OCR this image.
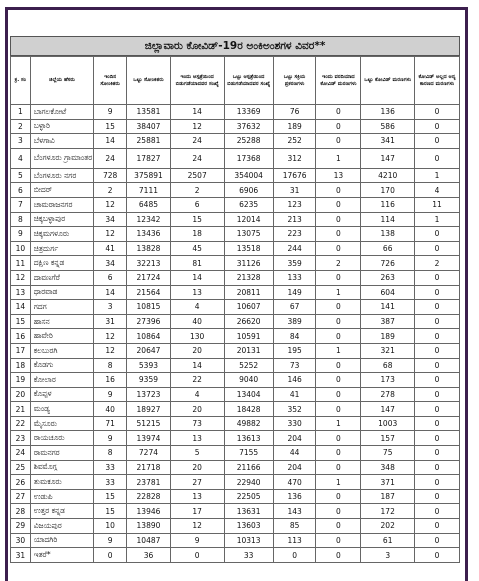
ಜಿಲ್ಲಾವಾರು ಕೋವಿಡ್-19ರ ಅಂಕಿಅಂಶಗಳ ವಿವರ**
ಕ್ರ. ಸಂ	ಜಿಲ್ಲೆಯ ಹೆಸರು	ಇಂದಿನ ಸೋಂಕಿತರು	ಒಟ್ಟು ಸೋಂಕಿತರು	ಇಂದು ಆಸ್ಪತ್ರೆಯಿಂದ ಬಿಡುಗಡೆಯಾದವರ ಸಂಖ್ಯೆ	ಒಟ್ಟು ಆಸ್ಪತ್ರೆಯಿಂದ ಬಿಡುಗಡೆಯಾದವರ ಸಂಖ್ಯೆ	ಒಟ್ಟು ಸಕ್ರಿಯ ಪ್ರಕರಣಗಳು	ಇಂದು ವರದಿಯಾದ ಕೋವಿಡ್ ಮರಣಗಳು	ಒಟ್ಟು ಕೋವಿಡ್ ಮರಣಗಳು	ಕೋವಿಡ್ ಅಲ್ಲದ ಅನ್ಯ ಕಾರಣದ ಮರಣಗಳು
1	ಬಾಗಲಕೋಟೆ	9	13581	14	13369	76	0	136	0
2	ಬಳ್ಳಾರಿ	15	38407	12	37632	189	0	586	0
3	ಬೆಳಗಾವಿ	14	25881	24	25288	252	0	341	0
4	ಬೆಂಗಳೂರು ಗ್ರಾಮಾಂತರ	24	17827	24	17368	312	1	147	0
5	ಬೆಂಗಳೂರು ನಗರ	728	375891	2507	354004	17676	13	4210	1
6	ಬೀದರ್	2	7111	2	6906	31	0	170	4
7	ಚಾಮರಾಜನಗರ	12	6485	6	6235	123	0	116	11
8	ಚಿಕ್ಕಬಳ್ಳಾಪುರ	34	12342	15	12014	213	0	114	1
9	ಚಿಕ್ಕಮಗಳೂರು	12	13436	18	13075	223	0	138	0
10	ಚಿತ್ರದುರ್ಗ	41	13828	45	13518	244	0	66	0
11	ದಕ್ಷಿಣ ಕನ್ನಡ	34	32213	81	31126	359	2	726	2
12	ದಾವಣಗೆರೆ	6	21724	14	21328	133	0	263	0
13	ಧಾರವಾಡ	14	21564	13	20811	149	1	604	0
14	ಗದಗ	3	10815	4	10607	67	0	141	0
15	ಹಾಸನ	31	27396	40	26620	389	0	387	0
16	ಹಾವೇರಿ	12	10864	130	10591	84	0	189	0
17	ಕಲಬುರಗಿ	12	20647	20	20131	195	1	321	0
18	ಕೊಡಗು	8	5393	14	5252	73	0	68	0
19	ಕೋಲಾರ	16	9359	22	9040	146	0	173	0
20	ಕೊಪ್ಪಳ	9	13723	4	13404	41	0	278	0
21	ಮಂಡ್ಯ	40	18927	20	18428	352	0	147	0
22	ಮೈಸೂರು	71	51215	73	49882	330	1	1003	0
23	ರಾಯಚೂರು	9	13974	13	13613	204	0	157	0
24	ರಾಮನಗರ	8	7274	5	7155	44	0	75	0
25	ಶಿವಮೊಗ್ಗ	33	21718	20	21166	204	0	348	0
26	ತುಮಕೂರು	33	23781	27	22940	470	1	371	0
27	ಉಡುಪಿ	15	22828	13	22505	136	0	187	0
28	ಉತ್ತರ ಕನ್ನಡ	15	13946	17	13631	143	0	172	0
29	ವಿಜಯಪುರ	10	13890	12	13603	85	0	202	0
30	ಯಾದಗಿರಿ	9	10487	9	10313	113	0	61	0
31	ಇತರೆ*	0	36	0	33	0	0	3	0
